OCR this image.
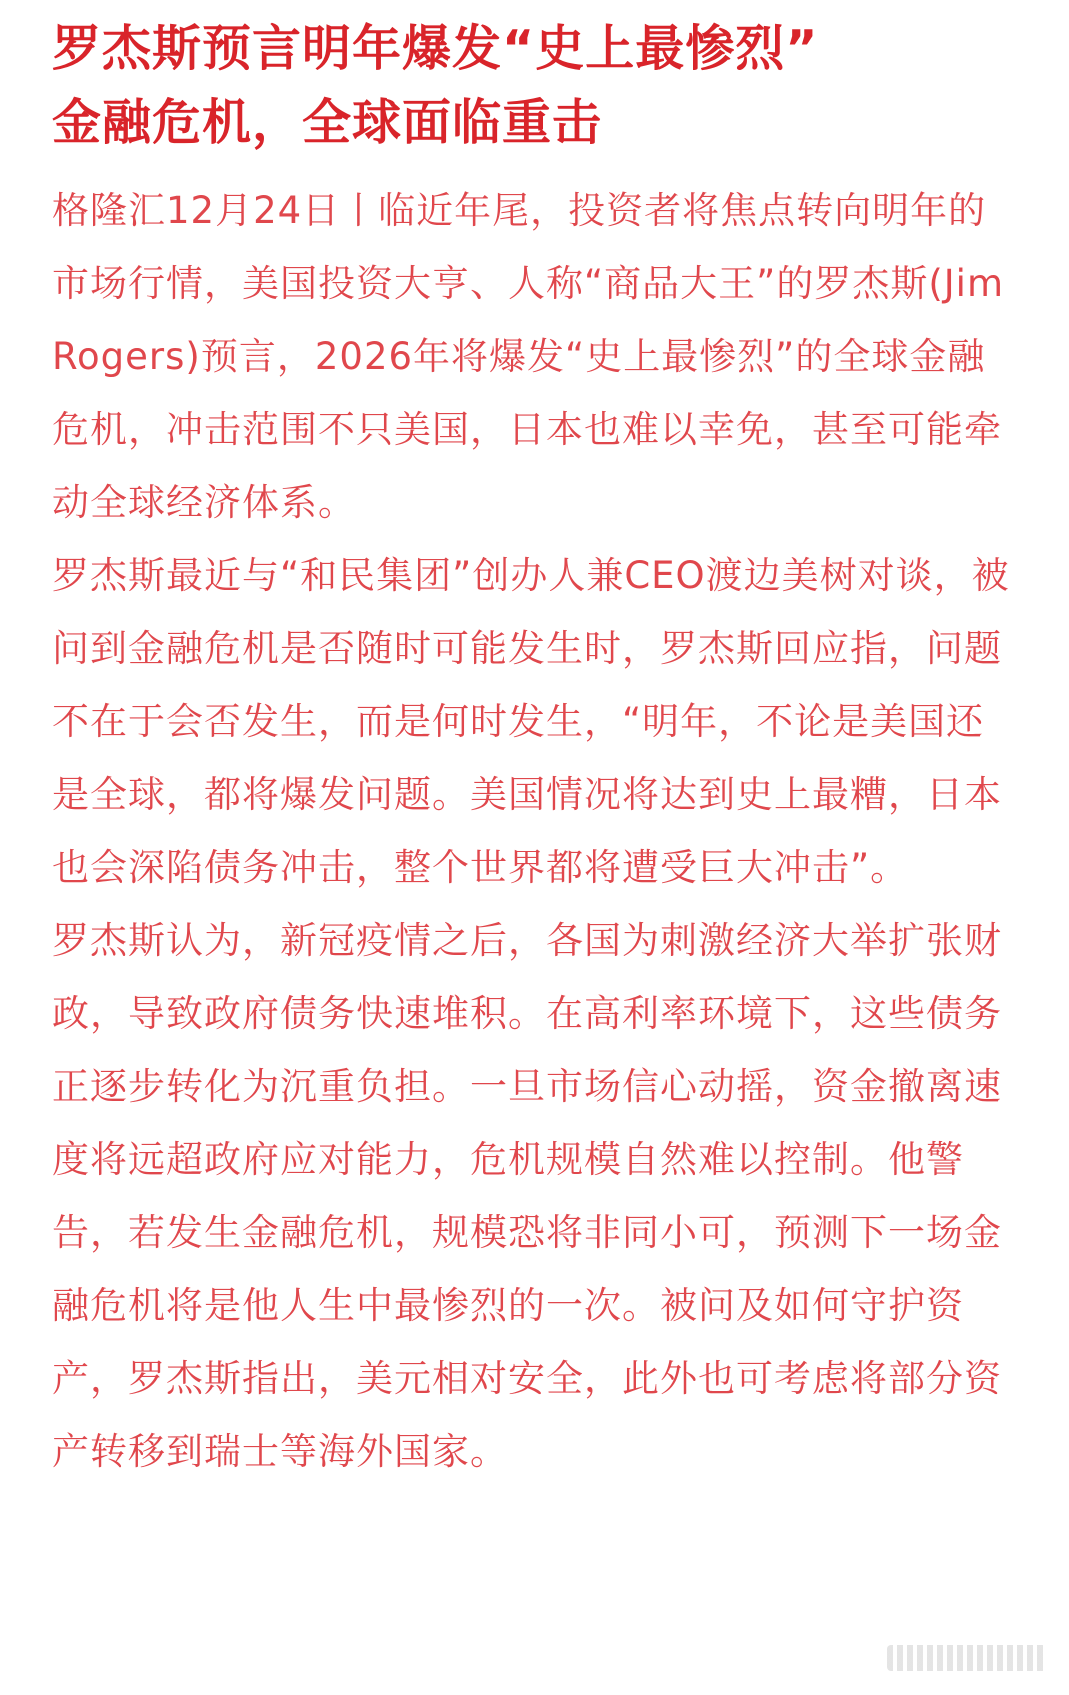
罗杰斯预言明年爆发“史上最惨烈”
金融危机，全球面临重击

格隆汇12月24日丨临近年尾，投资者将焦点转向明年的市场行情，美国投资大亨、人称“商品大王”的罗杰斯(Jim Rogers)预言，2026年将爆发“史上最惨烈”的全球金融危机，冲击范围不只美国，日本也难以幸免，甚至可能牵动全球经济体系。

罗杰斯最近与“和民集团”创办人兼CEO渡边美树对谈，被问到金融危机是否随时可能发生时，罗杰斯回应指，问题不在于会否发生，而是何时发生，“明年，不论是美国还是全球，都将爆发问题。美国情况将达到史上最糟，日本也会深陷债务冲击，整个世界都将遭受巨大冲击”。

罗杰斯认为，新冠疫情之后，各国为刺激经济大举扩张财政，导致政府债务快速堆积。在高利率环境下，这些债务正逐步转化为沉重负担。一旦市场信心动摇，资金撤离速度将远超政府应对能力，危机规模自然难以控制。他警告，若发生金融危机，规模恐将非同小可，预测下一场金融危机将是他人生中最惨烈的一次。被问及如何守护资产，罗杰斯指出，美元相对安全，此外也可考虑将部分资产转移到瑞士等海外国家。
